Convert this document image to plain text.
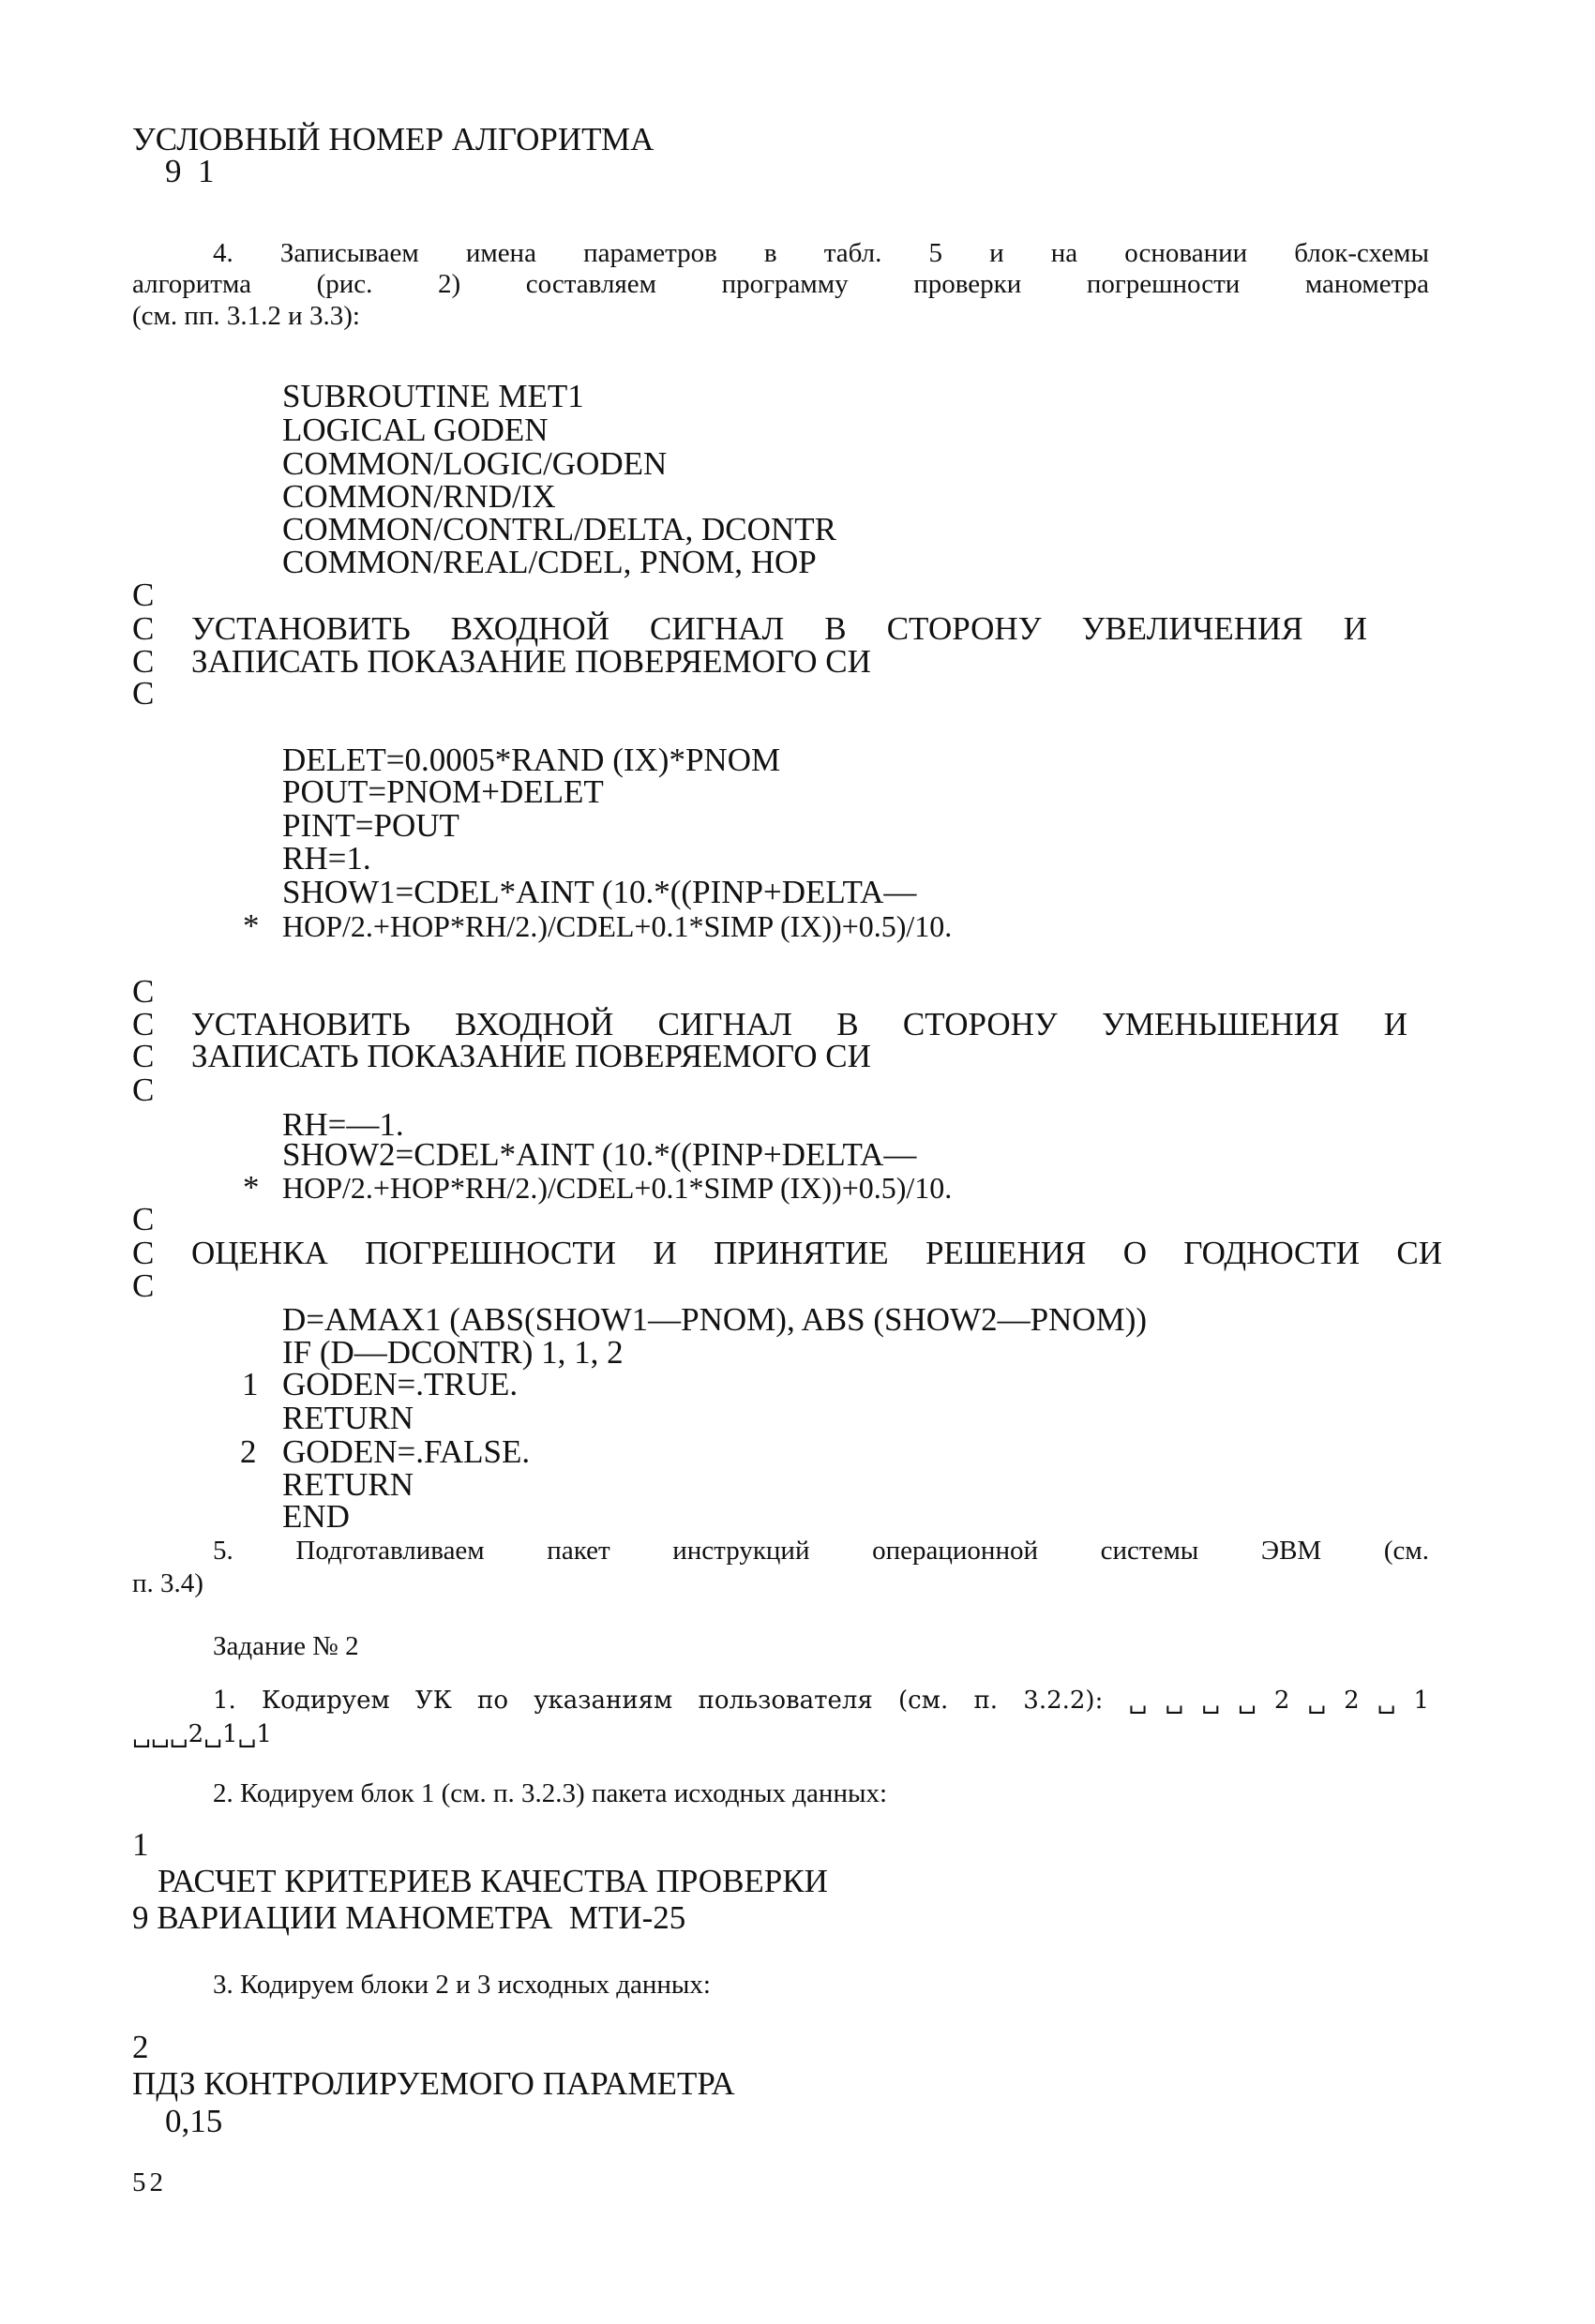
УСЛОВНЫЙ НОМЕР АЛГОРИТМА
9  1
4. Записываем имена параметров в табл. 5 и на основании блок-схемы
алгоритма (рис. 2) составляем программу проверки погрешности манометра
(см. пп. 3.1.2 и 3.3):
SUBROUTINE MET1
LOGICAL GODEN
COMMON/LOGIC/GODEN
COMMON/RND/IX
COMMON/CONTRL/DELTA, DCONTR
COMMON/REAL/CDEL, PNOM, HOP
C
C УСТАНОВИТЬ ВХОДНОЙ СИГНАЛ В СТОРОНУ УВЕЛИЧЕНИЯ И
C ЗАПИСАТЬ ПОКАЗАНИЕ ПОВЕРЯЕМОГО СИ
C
DELET=0.0005*RAND (IX)*PNOM
POUT=PNOM+DELET
PINT=POUT
RH=1.
SHOW1=CDEL*AINT (10.*((PINP+DELTA—
* HOP/2.+HOP*RH/2.)/CDEL+0.1*SIMP (IX))+0.5)/10.
C
C УСТАНОВИТЬ ВХОДНОЙ СИГНАЛ В СТОРОНУ УМЕНЬШЕНИЯ И
C ЗАПИСАТЬ ПОКАЗАНИЕ ПОВЕРЯЕМОГО СИ
C
RH=—1.
SHOW2=CDEL*AINT (10.*((PINP+DELTA—
* HOP/2.+HOP*RH/2.)/CDEL+0.1*SIMP (IX))+0.5)/10.
C
C ОЦЕНКА ПОГРЕШНОСТИ И ПРИНЯТИЕ РЕШЕНИЯ О ГОДНОСТИ СИ
C
D=AMAX1 (ABS(SHOW1—PNOM), ABS (SHOW2—PNOM))
IF (D—DCONTR) 1, 1, 2
1 GODEN=.TRUE.
RETURN
2 GODEN=.FALSE.
RETURN
END
5. Подготавливаем пакет инструкций операционной системы ЭВМ (см.
п. 3.4)
Задание № 2
1. Кодируем УК по указаниям пользователя (см. п. 3.2.2): ␣␣␣␣2␣2␣1
␣␣␣2␣1␣1
2. Кодируем блок 1 (см. п. 3.2.3) пакета исходных данных:
1
РАСЧЕТ КРИТЕРИЕВ КАЧЕСТВА ПРОВЕРКИ
9 ВАРИАЦИИ МАНОМЕТРА  МТИ-25
3. Кодируем блоки 2 и 3 исходных данных:
2
ПДЗ КОНТРОЛИРУЕМОГО ПАРАМЕТРА
0,15
52
